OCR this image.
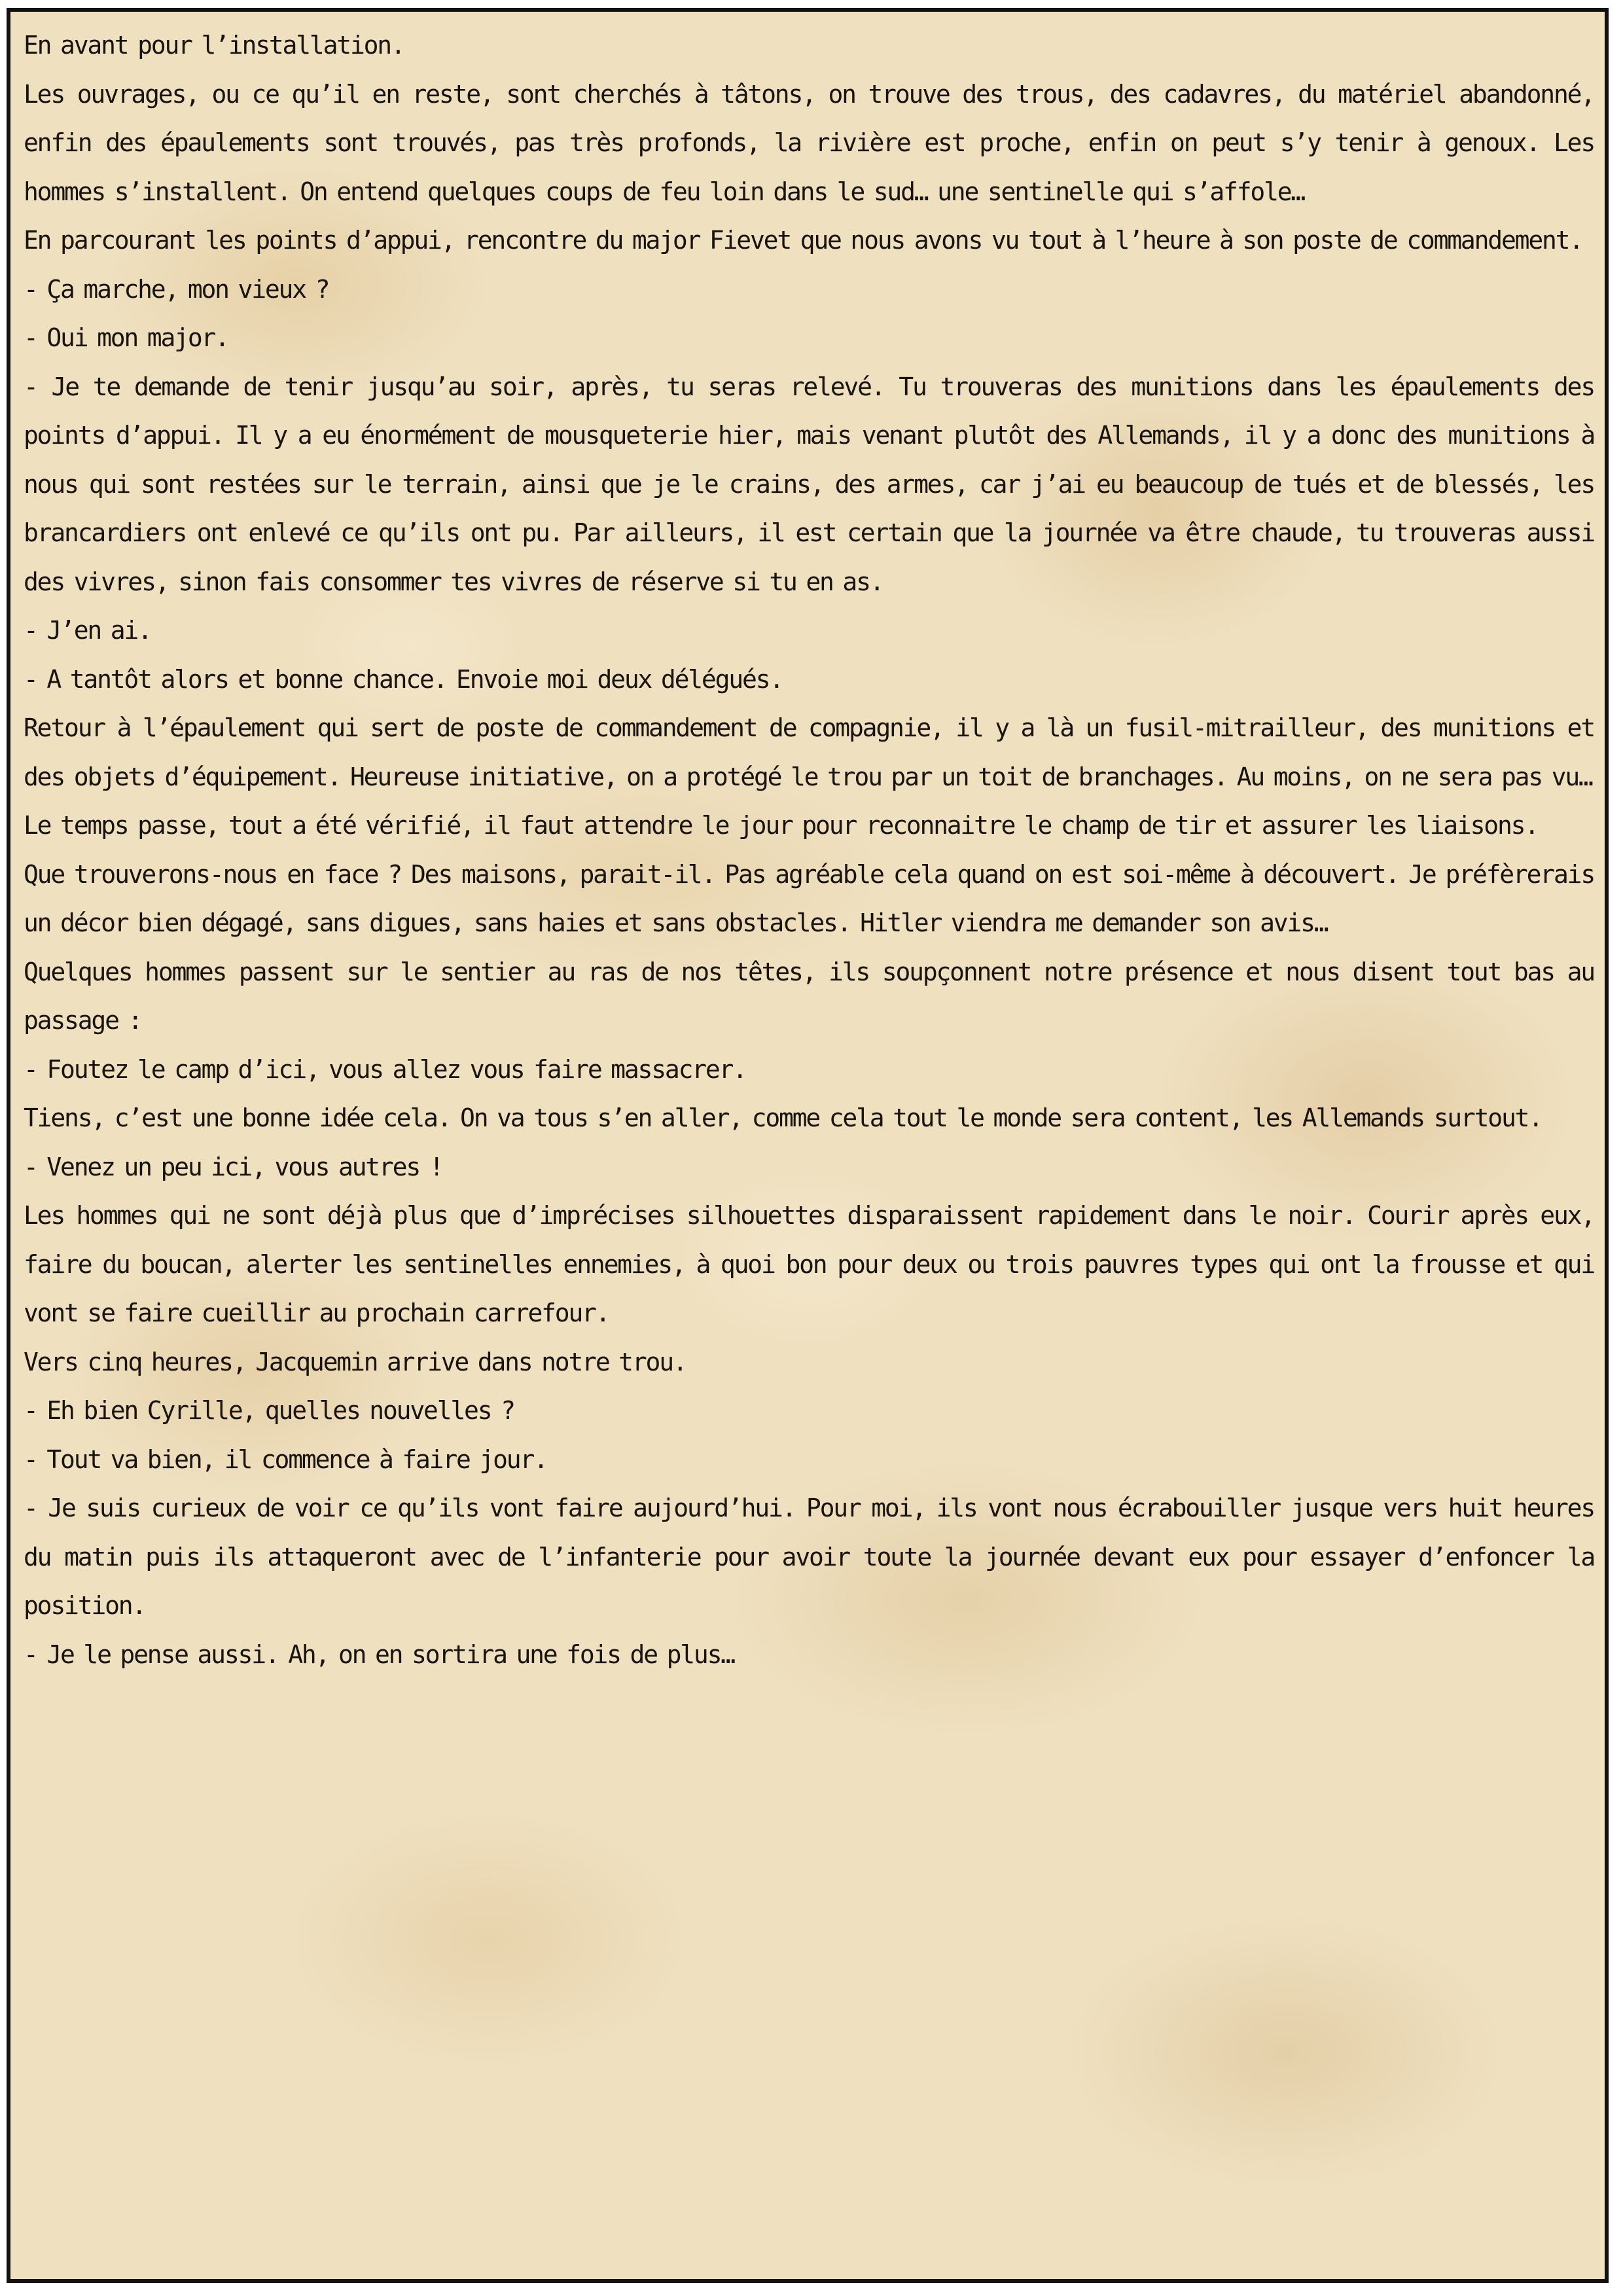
En avant pour l’installation.

Les ouvrages, ou ce qu’il en reste, sont cherchés à tâtons, on trouve des trous, des cadavres, du matériel abandonné, enfin des épaulements sont trouvés, pas très profonds, la rivière est proche, enfin on peut s’y tenir à genoux. Les hommes s’installent. On entend quelques coups de feu loin dans le sud… une sentinelle qui s’affole…

En parcourant les points d’appui, rencontre du major Fievet que nous avons vu tout à l’heure à son poste de commandement.

- Ça marche, mon vieux ?

- Oui mon major.

- Je te demande de tenir jusqu’au soir, après, tu seras relevé. Tu trouveras des munitions dans les épaulements des points d’appui. Il y a eu énormément de mousqueterie hier, mais venant plutôt des Allemands, il y a donc des munitions à nous qui sont restées sur le terrain, ainsi que je le crains, des armes, car j’ai eu beaucoup de tués et de blessés, les brancardiers ont enlevé ce qu’ils ont pu. Par ailleurs, il est certain que la journée va être chaude, tu trouveras aussi des vivres, sinon fais consommer tes vivres de réserve si tu en as.

- J’en ai.

- A tantôt alors et bonne chance. Envoie moi deux délégués.

Retour à l’épaulement qui sert de poste de commandement de compagnie, il y a là un fusil-mitrailleur, des munitions et des objets d’équipement. Heureuse initiative, on a protégé le trou par un toit de branchages. Au moins, on ne sera pas vu…

Le temps passe, tout a été vérifié, il faut attendre le jour pour reconnaitre le champ de tir et assurer les liaisons.

Que trouverons-nous en face ? Des maisons, parait-il. Pas agréable cela quand on est soi-même à découvert. Je préfèrerais un décor bien dégagé, sans digues, sans haies et sans obstacles. Hitler viendra me demander son avis…

Quelques hommes passent sur le sentier au ras de nos têtes, ils soupçonnent notre présence et nous disent tout bas au passage :

- Foutez le camp d’ici, vous allez vous faire massacrer.

Tiens, c’est une bonne idée cela. On va tous s’en aller, comme cela tout le monde sera content, les Allemands surtout.

- Venez un peu ici, vous autres !

Les hommes qui ne sont déjà plus que d’imprécises silhouettes disparaissent rapidement dans le noir. Courir après eux, faire du boucan, alerter les sentinelles ennemies, à quoi bon pour deux ou trois pauvres types qui ont la frousse et qui vont se faire cueillir au prochain carrefour.

Vers cinq heures, Jacquemin arrive dans notre trou.

- Eh bien Cyrille, quelles nouvelles ?

- Tout va bien, il commence à faire jour.

- Je suis curieux de voir ce qu’ils vont faire aujourd’hui. Pour moi, ils vont nous écrabouiller jusque vers huit heures du matin puis ils attaqueront avec de l’infanterie pour avoir toute la journée devant eux pour essayer d’enfoncer la position.

- Je le pense aussi. Ah, on en sortira une fois de plus…
